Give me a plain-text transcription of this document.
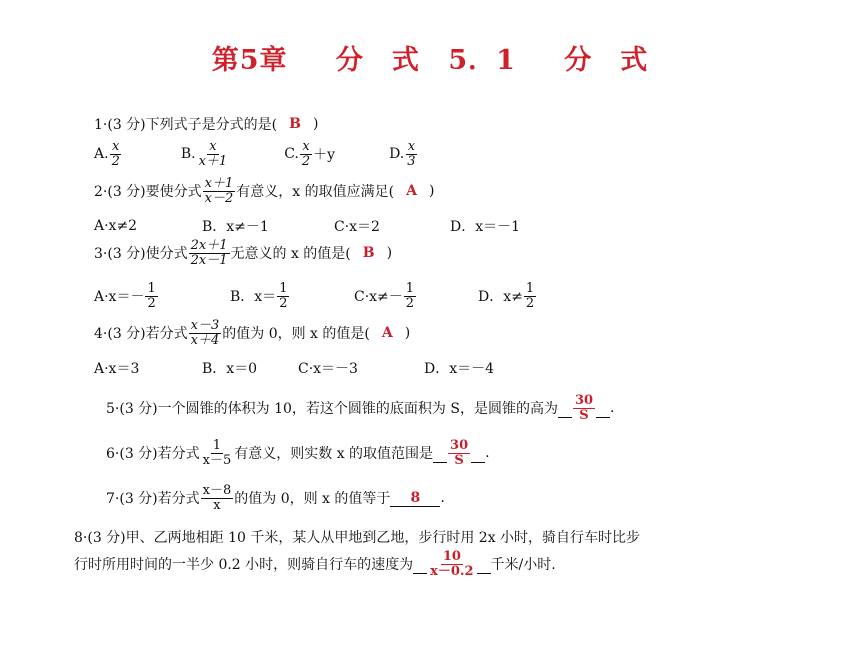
第5章 分　式 5．1 分　式
1·(3 分)下列式子是分式的是( B )
A. $\frac{x}{2}$	B. $\frac{x}{x+1}$	C. $\frac{x}{2} +y$	D. $\frac{x}{3}$
2·(3 分)要使分式 $\frac{x+1}{x-2}$ 有意义，x 的取值应满足( A )
A·x≠2	B．x≠－1	C·x＝2	D．x＝－1
3·(3 分)使分式 $\frac{2x+1}{2x-1}$ 无意义的 x 的值是( B )
$A\cdot x=- \frac{1}{2}$	B．$x= \frac{1}{2}$	$C\cdot x\ne- \frac{1}{2}$	D．$x\ne \frac{1}{2}$
4·(3 分)若分式 $\frac{x-3}{x+4}$ 的值为 0，则 x 的值是( A )
A·x＝3	B．x＝0	C·x＝－3	D．x＝－4
5·(3 分)一个圆锥的体积为 10，若这个圆锥的底面积为 S，是圆锥的高为 $\frac{30}{S}$ .
6·(3 分)若分式 $\frac{1}{x-5}$ 有意义，则实数 x 的取值范围是 $\frac{30}{S}$ .
7·(3 分)若分式 $\frac{x-8}{x}$ 的值为 0，则 x 的值等于 8 .
8·(3 分)甲、乙两地相距 10 千米，某人从甲地到乙地，步行时用 2x 小时，骑自行车时比步
行时所用时间的一半少 0.2 小时，则骑自行车的速度为 $\frac{10}{x-0.2}$ 千米/小时.
